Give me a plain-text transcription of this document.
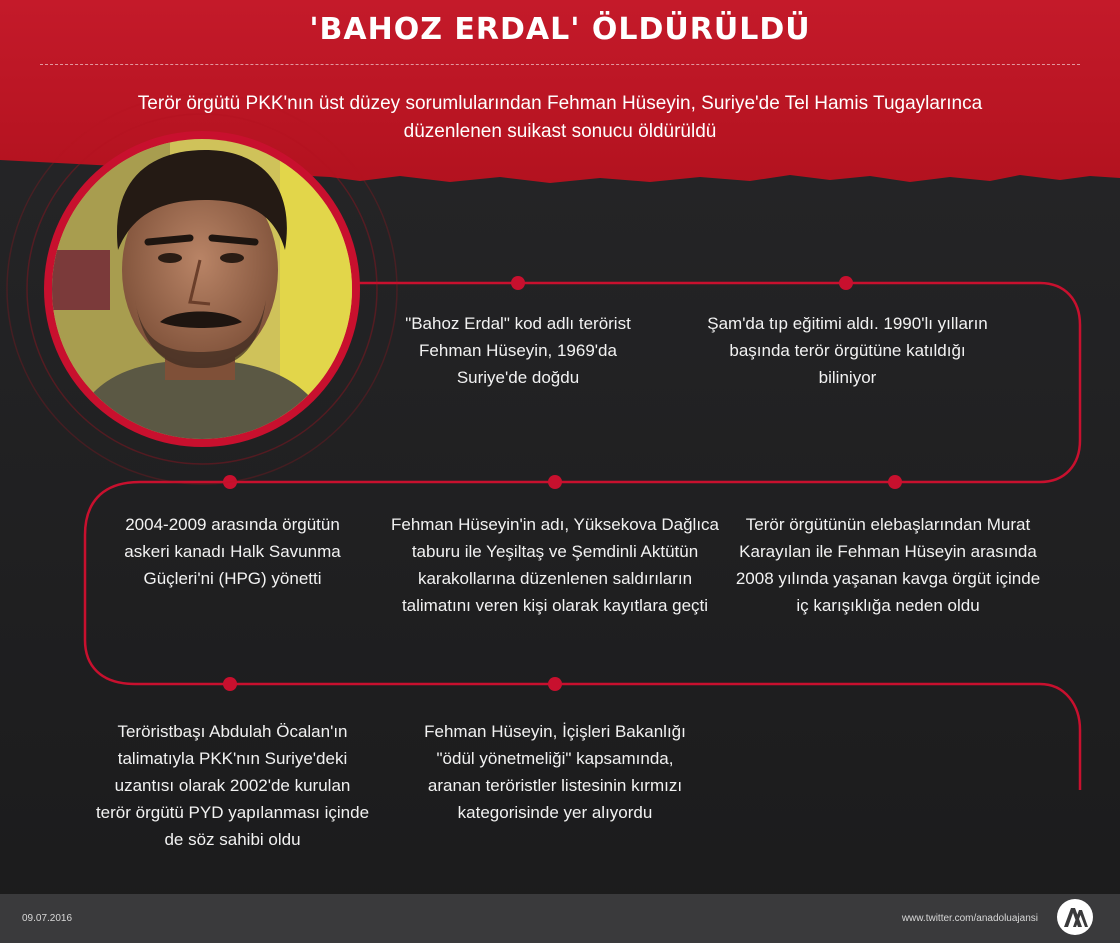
'BAHOZ ERDAL' ÖLDÜRÜLDÜ
Terör örgütü PKK'nın üst düzey sorumlularından Fehman Hüseyin, Suriye'de Tel Hamis Tugaylarınca düzenlenen suikast sonucu öldürüldü
"Bahoz Erdal" kod adlı terörist Fehman Hüseyin, 1969'da Suriye'de doğdu
Şam'da tıp eğitimi aldı. 1990'lı yılların başında terör örgütüne katıldığı biliniyor
2004-2009 arasında örgütün askeri kanadı Halk Savunma Güçleri'ni (HPG) yönetti
Fehman Hüseyin'in adı, Yüksekova Dağlıca taburu ile Yeşiltaş ve Şemdinli Aktütün karakollarına düzenlenen saldırıların talimatını veren kişi olarak kayıtlara geçti
Terör örgütünün elebaşlarından Murat Karayılan ile Fehman Hüseyin arasında 2008 yılında yaşanan kavga örgüt içinde iç karışıklığa neden oldu
Teröristbaşı Abdulah Öcalan'ın talimatıyla PKK'nın Suriye'deki uzantısı olarak 2002'de kurulan terör örgütü PYD yapılanması içinde de söz sahibi oldu
Fehman Hüseyin, İçişleri Bakanlığı "ödül yönetmeliği" kapsamında, aranan teröristler listesinin kırmızı kategorisinde yer alıyordu
09.07.2016	www.twitter.com/anadoluajansi
